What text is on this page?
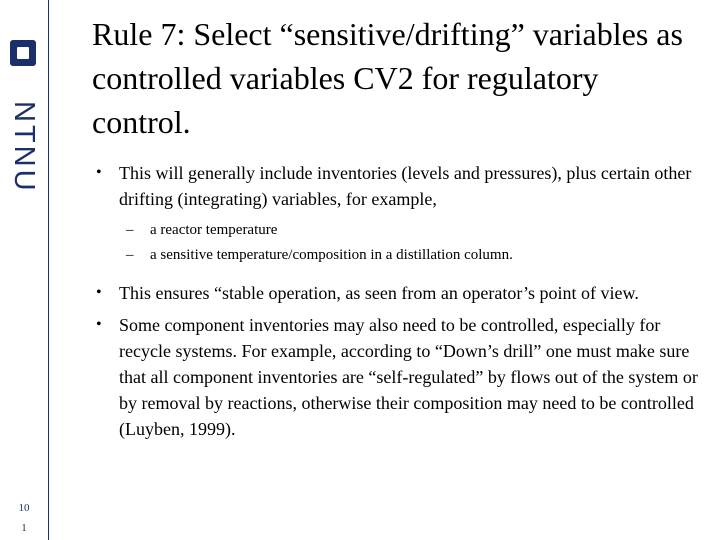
NTNU
10
1
Rule 7: Select “sensitive/drifting” variables as controlled variables CV2 for regulatory control.
• This will generally include inventories (levels and pressures), plus certain other drifting (integrating) variables, for example,
– a reactor temperature
– a sensitive temperature/composition in a distillation column.
• This ensures “stable operation, as seen from an operator’s point of view.
• Some component inventories may also need to be controlled, especially for recycle systems. For example, according to “Down’s drill” one must make sure that all component inventories are “self-regulated” by flows out of the system or by removal by reactions, otherwise their composition may need to be controlled (Luyben, 1999).
